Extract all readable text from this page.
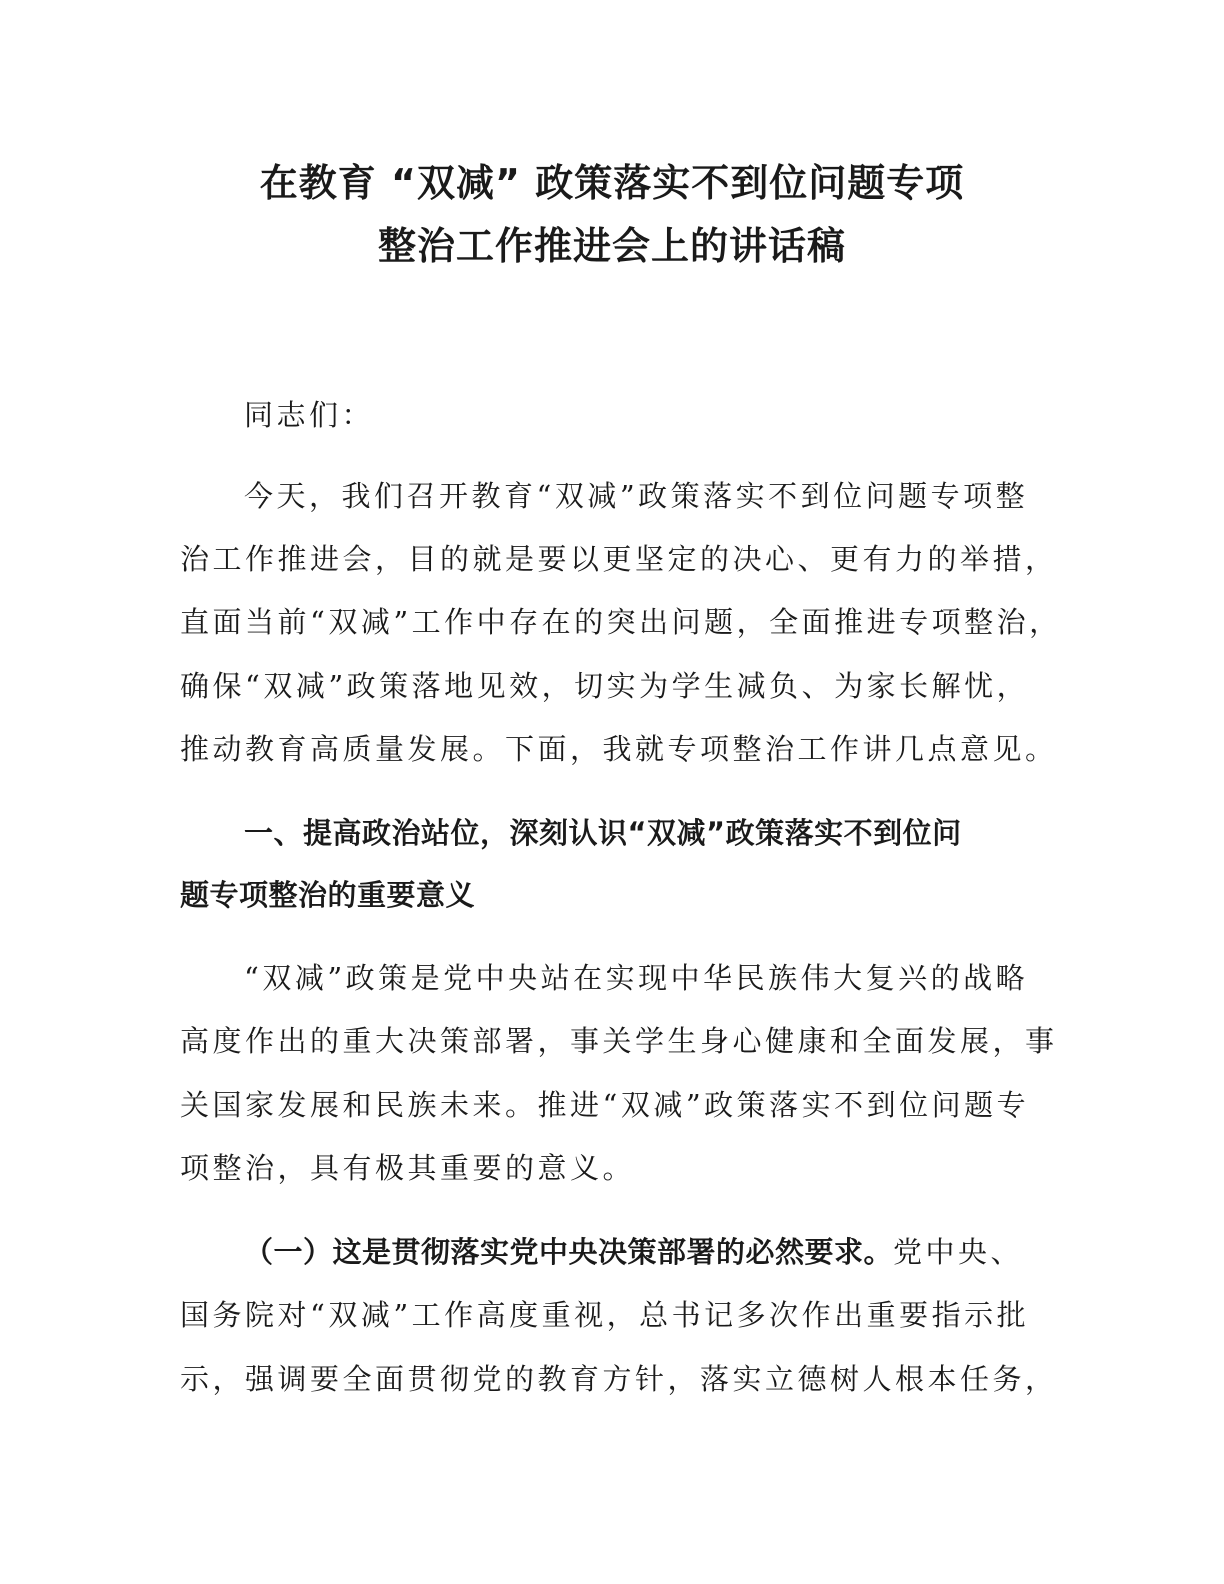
在教育 “双减” 政策落实不到位问题专项
整治工作推进会上的讲话稿
同志们：
今天，我们召开教育“双减”政策落实不到位问题专项整
治工作推进会，目的就是要以更坚定的决心、更有力的举措，
直面当前“双减”工作中存在的突出问题，全面推进专项整治，
确保“双减”政策落地见效，切实为学生减负、为家长解忧，
推动教育高质量发展。下面，我就专项整治工作讲几点意见。
一、提高政治站位，深刻认识“双减”政策落实不到位问
题专项整治的重要意义
“双减”政策是党中央站在实现中华民族伟大复兴的战略
高度作出的重大决策部署，事关学生身心健康和全面发展，事
关国家发展和民族未来。推进“双减”政策落实不到位问题专
项整治，具有极其重要的意义。
（一）这是贯彻落实党中央决策部署的必然要求。党中央、
国务院对“双减”工作高度重视，总书记多次作出重要指示批
示，强调要全面贯彻党的教育方针，落实立德树人根本任务，
